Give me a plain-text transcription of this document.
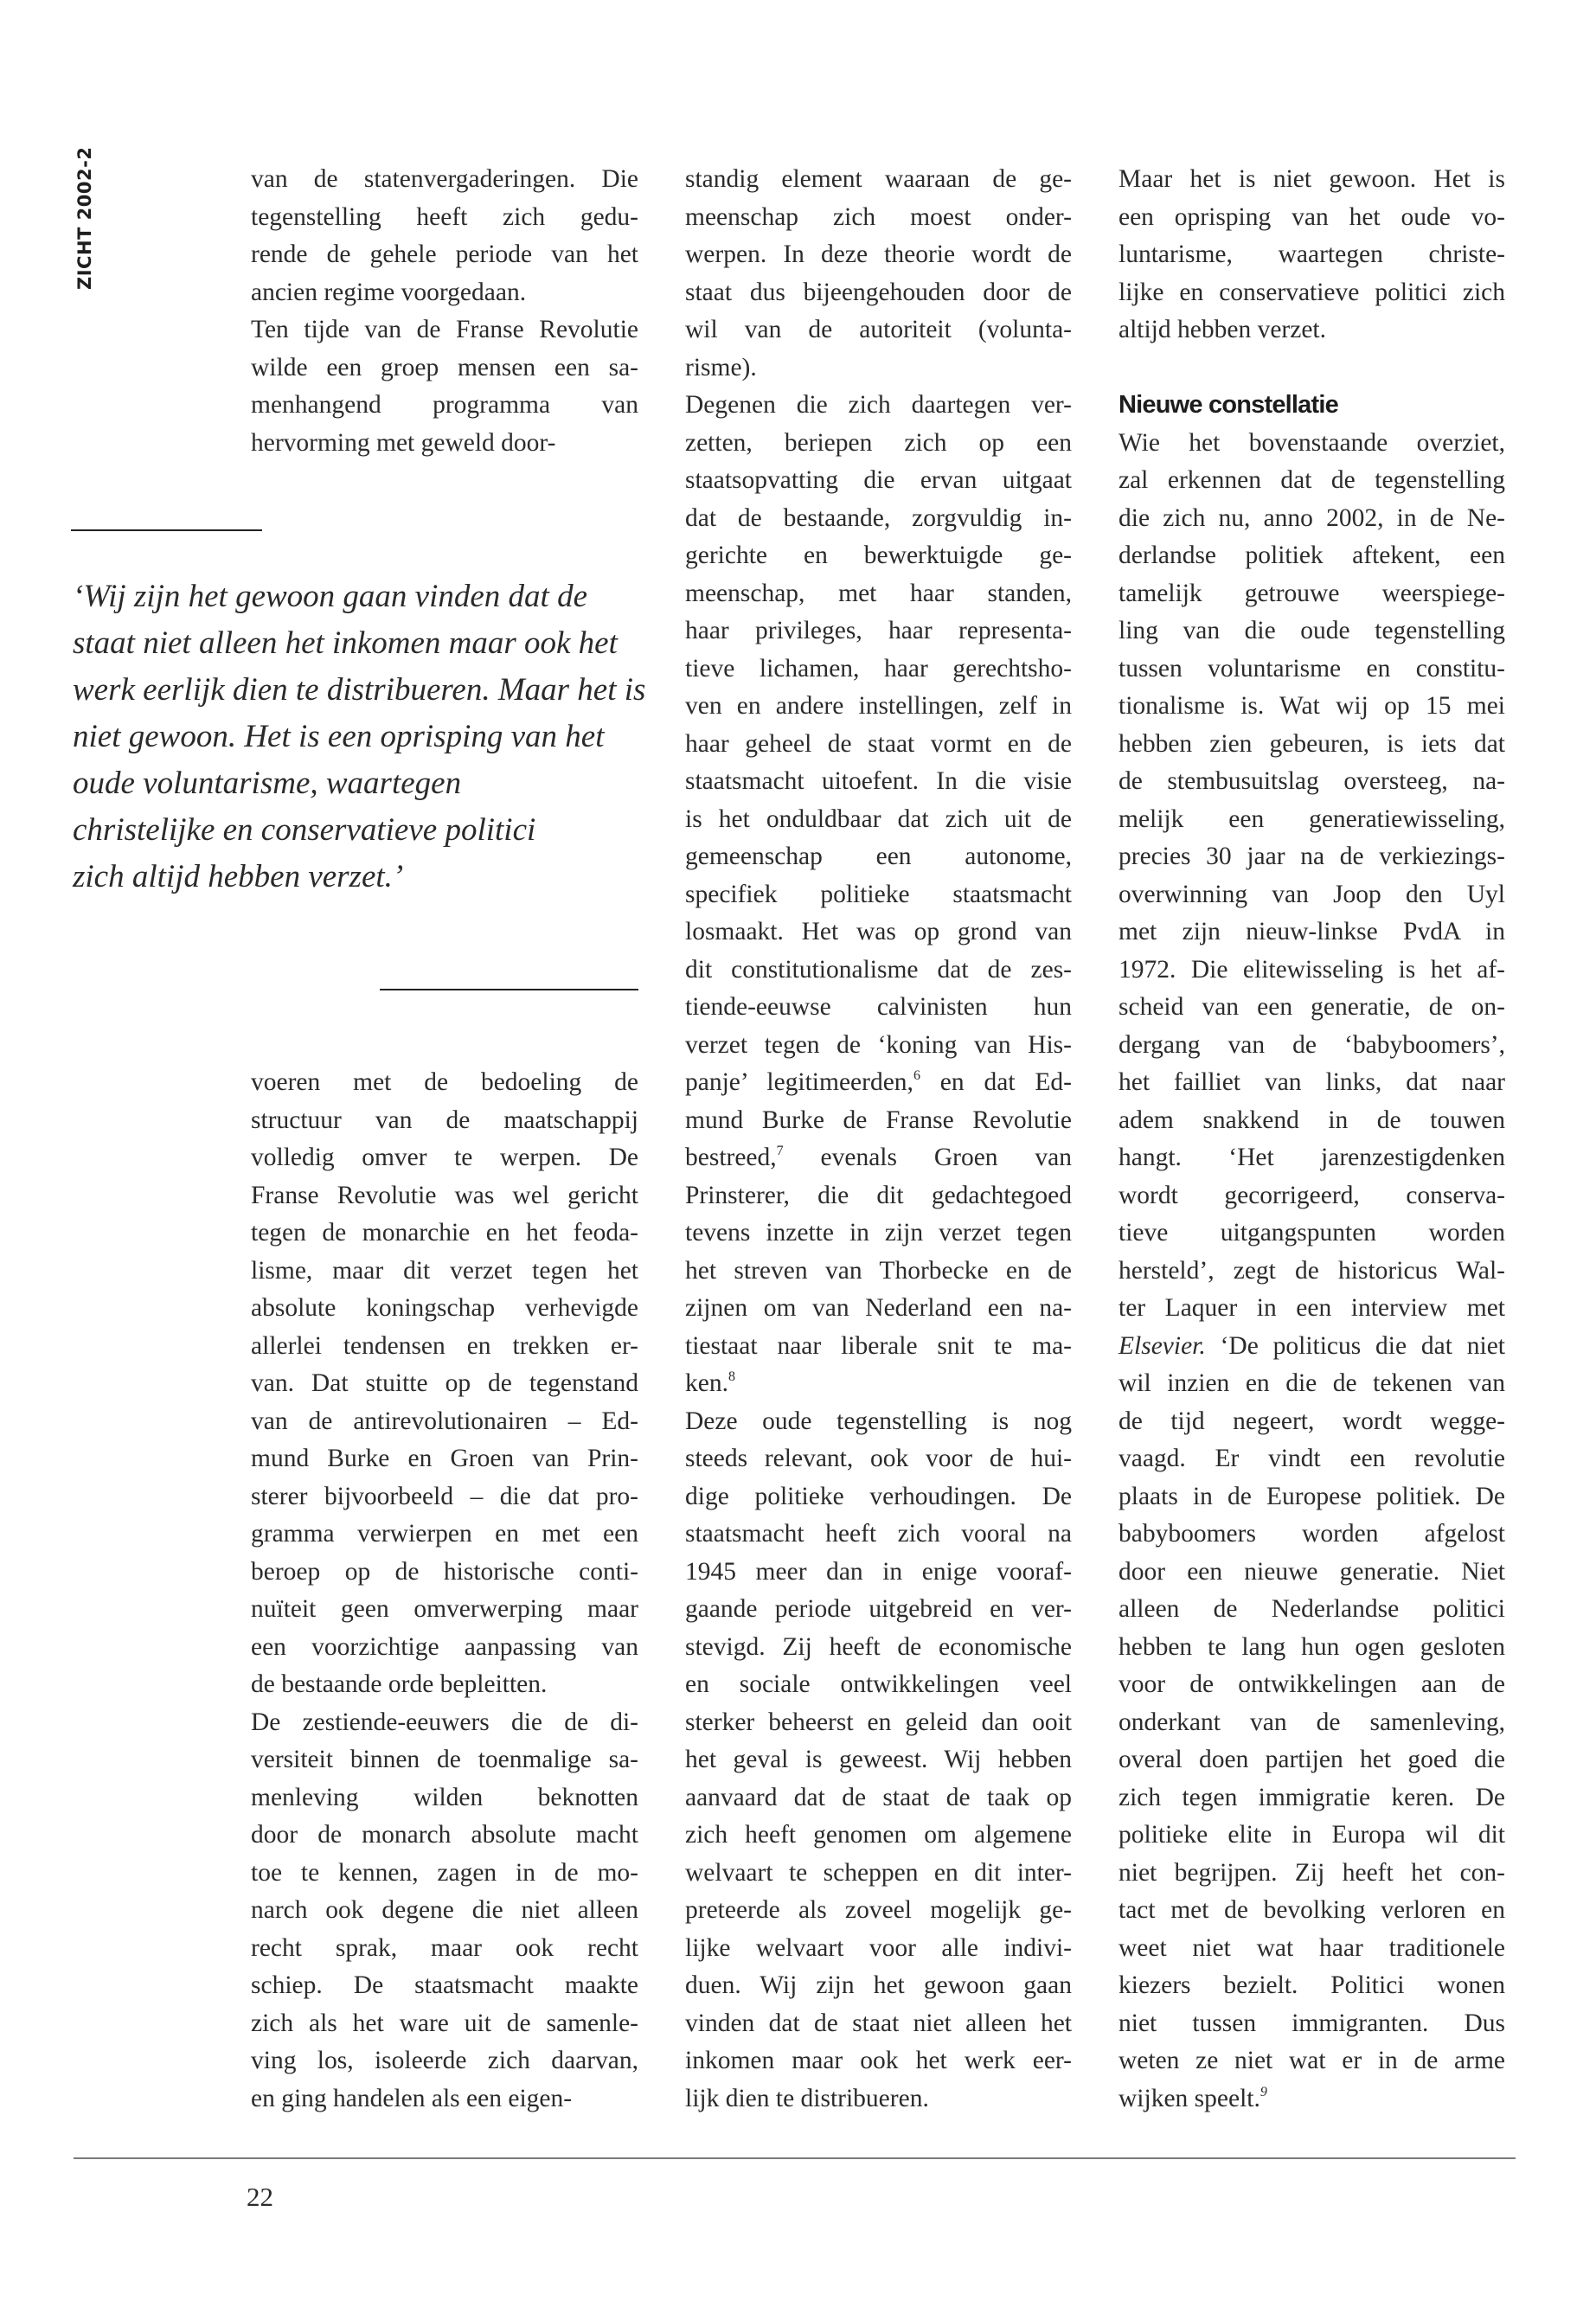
ZICHT 2002-2	van de statenvergaderingen. Die
tegenstelling heeft zich gedu-
rende de gehele periode van het
ancien regime voorgedaan.
Ten tijde van de Franse Revolutie
wilde een groep mensen een sa-
menhangend programma van
hervorming met geweld door-
‘Wij zijn het gewoon gaan vinden dat de
staat niet alleen het inkomen maar ook het
werk eerlijk dien te distribueren. Maar het is
niet gewoon. Het is een oprisping van het
oude voluntarisme, waartegen
christelijke en conservatieve politici
zich altijd hebben verzet.’
voeren met de bedoeling de
structuur van de maatschappij
volledig omver te werpen. De
Franse Revolutie was wel gericht
tegen de monarchie en het feoda-
lisme, maar dit verzet tegen het
absolute koningschap verhevigde
allerlei tendensen en trekken er-
van. Dat stuitte op de tegenstand
van de antirevolutionairen – Ed-
mund Burke en Groen van Prin-
sterer bijvoorbeeld – die dat pro-
gramma verwierpen en met een
beroep op de historische conti-
nuïteit geen omverwerping maar
een voorzichtige aanpassing van
de bestaande orde bepleitten.
De zestiende-eeuwers die de di-
versiteit binnen de toenmalige sa-
menleving wilden beknotten
door de monarch absolute macht
toe te kennen, zagen in de mo-
narch ook degene die niet alleen
recht sprak, maar ook recht
schiep. De staatsmacht maakte
zich als het ware uit de samenle-
ving los, isoleerde zich daarvan,
en ging handelen als een eigen-
standig element waaraan de ge-
meenschap zich moest onder-
werpen. In deze theorie wordt de
staat dus bijeengehouden door de
wil van de autoriteit (volunta-
risme).
Degenen die zich daartegen ver-
zetten, beriepen zich op een
staatsopvatting die ervan uitgaat
dat de bestaande, zorgvuldig in-
gerichte en bewerktuigde ge-
meenschap, met haar standen,
haar privileges, haar representa-
tieve lichamen, haar gerechtsho-
ven en andere instellingen, zelf in
haar geheel de staat vormt en de
staatsmacht uitoefent. In die visie
is het onduldbaar dat zich uit de
gemeenschap een autonome,
specifiek politieke staatsmacht
losmaakt. Het was op grond van
dit constitutionalisme dat de zes-
tiende-eeuwse calvinisten hun
verzet tegen de ‘koning van His-
panje’ legitimeerden,$^6$ en dat Ed-
mund Burke de Franse Revolutie
bestreed,$^7$ evenals Groen van
Prinsterer, die dit gedachtegoed
tevens inzette in zijn verzet tegen
het streven van Thorbecke en de
zijnen om van Nederland een na-
tiestaat naar liberale snit te ma-
ken.$^8$
Deze oude tegenstelling is nog
steeds relevant, ook voor de hui-
dige politieke verhoudingen. De
staatsmacht heeft zich vooral na
1945 meer dan in enige vooraf-
gaande periode uitgebreid en ver-
stevigd. Zij heeft de economische
en sociale ontwikkelingen veel
sterker beheerst en geleid dan ooit
het geval is geweest. Wij hebben
aanvaard dat de staat de taak op
zich heeft genomen om algemene
welvaart te scheppen en dit inter-
preteerde als zoveel mogelijk ge-
lijke welvaart voor alle indivi-
duen. Wij zijn het gewoon gaan
vinden dat de staat niet alleen het
inkomen maar ook het werk eer-
lijk dien te distribueren.
Maar het is niet gewoon. Het is
een oprisping van het oude vo-
luntarisme, waartegen christe-
lijke en conservatieve politici zich
altijd hebben verzet.
Nieuwe constellatie
Wie het bovenstaande overziet,
zal erkennen dat de tegenstelling
die zich nu, anno 2002, in de Ne-
derlandse politiek aftekent, een
tamelijk getrouwe weerspiege-
ling van die oude tegenstelling
tussen voluntarisme en constitu-
tionalisme is. Wat wij op 15 mei
hebben zien gebeuren, is iets dat
de stembusuitslag oversteeg, na-
melijk een generatiewisseling,
precies 30 jaar na de verkiezings-
overwinning van Joop den Uyl
met zijn nieuw-linkse PvdA in
1972. Die elitewisseling is het af-
scheid van een generatie, de on-
dergang van de ‘babyboomers’,
het failliet van links, dat naar
adem snakkend in de touwen
hangt. ‘Het jarenzestigdenken
wordt gecorrigeerd, conserva-
tieve uitgangspunten worden
hersteld’, zegt de historicus Wal-
ter Laquer in een interview met
Elsevier. ‘De politicus die dat niet
wil inzien en die de tekenen van
de tijd negeert, wordt wegge-
vaagd. Er vindt een revolutie
plaats in de Europese politiek. De
babyboomers worden afgelost
door een nieuwe generatie. Niet
alleen de Nederlandse politici
hebben te lang hun ogen gesloten
voor de ontwikkelingen aan de
onderkant van de samenleving,
overal doen partijen het goed die
zich tegen immigratie keren. De
politieke elite in Europa wil dit
niet begrijpen. Zij heeft het con-
tact met de bevolking verloren en
weet niet wat haar traditionele
kiezers bezielt. Politici wonen
niet tussen immigranten. Dus
weten ze niet wat er in de arme
wijken speelt.$^9$
22
